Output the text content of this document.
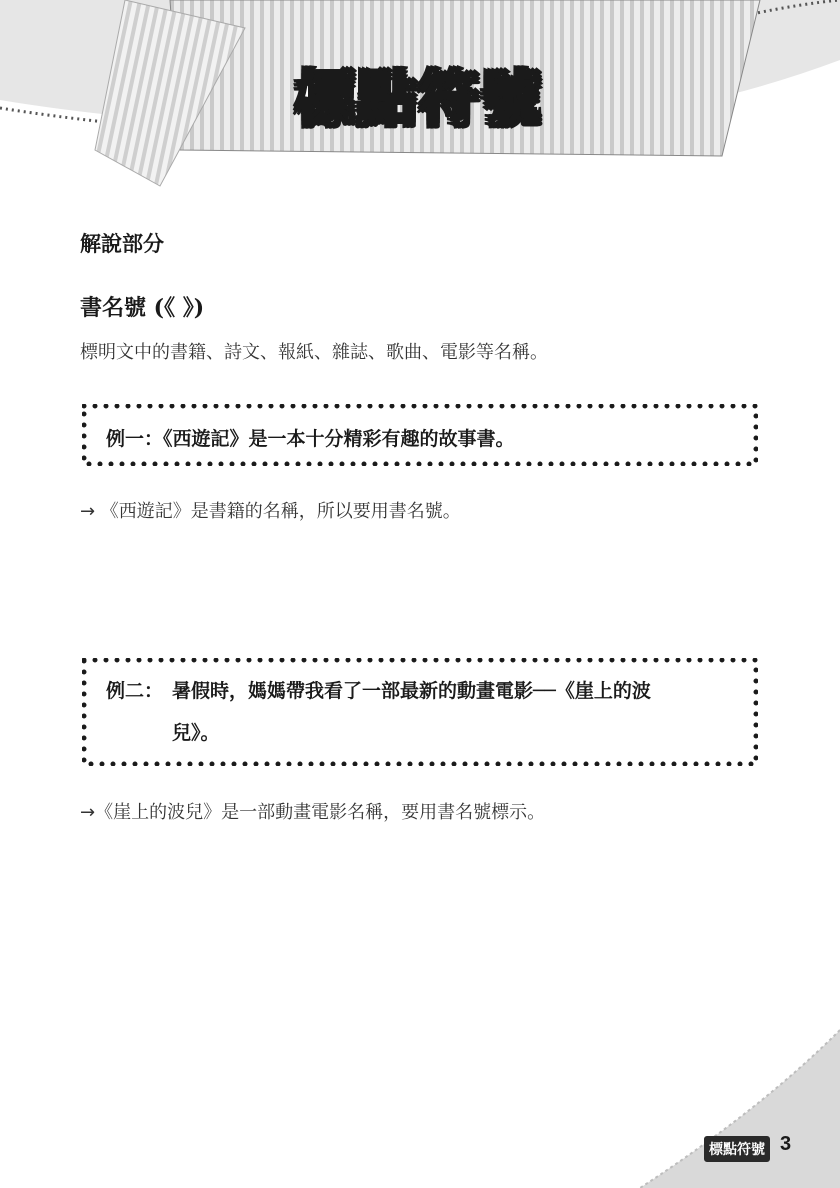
標點符號
解說部分
書名號 (《 》)
標明文中的書籍、詩文、報紙、雜誌、歌曲、電影等名稱。
例一：《西遊記》是一本十分精彩有趣的故事書。
→ 《西遊記》是書籍的名稱，所以要用書名號。
例二： 暑假時，媽媽帶我看了一部最新的動畫電影──《崖上的波
兒》。
→《崖上的波兒》是一部動畫電影名稱，要用書名號標示。
標點符號 3
